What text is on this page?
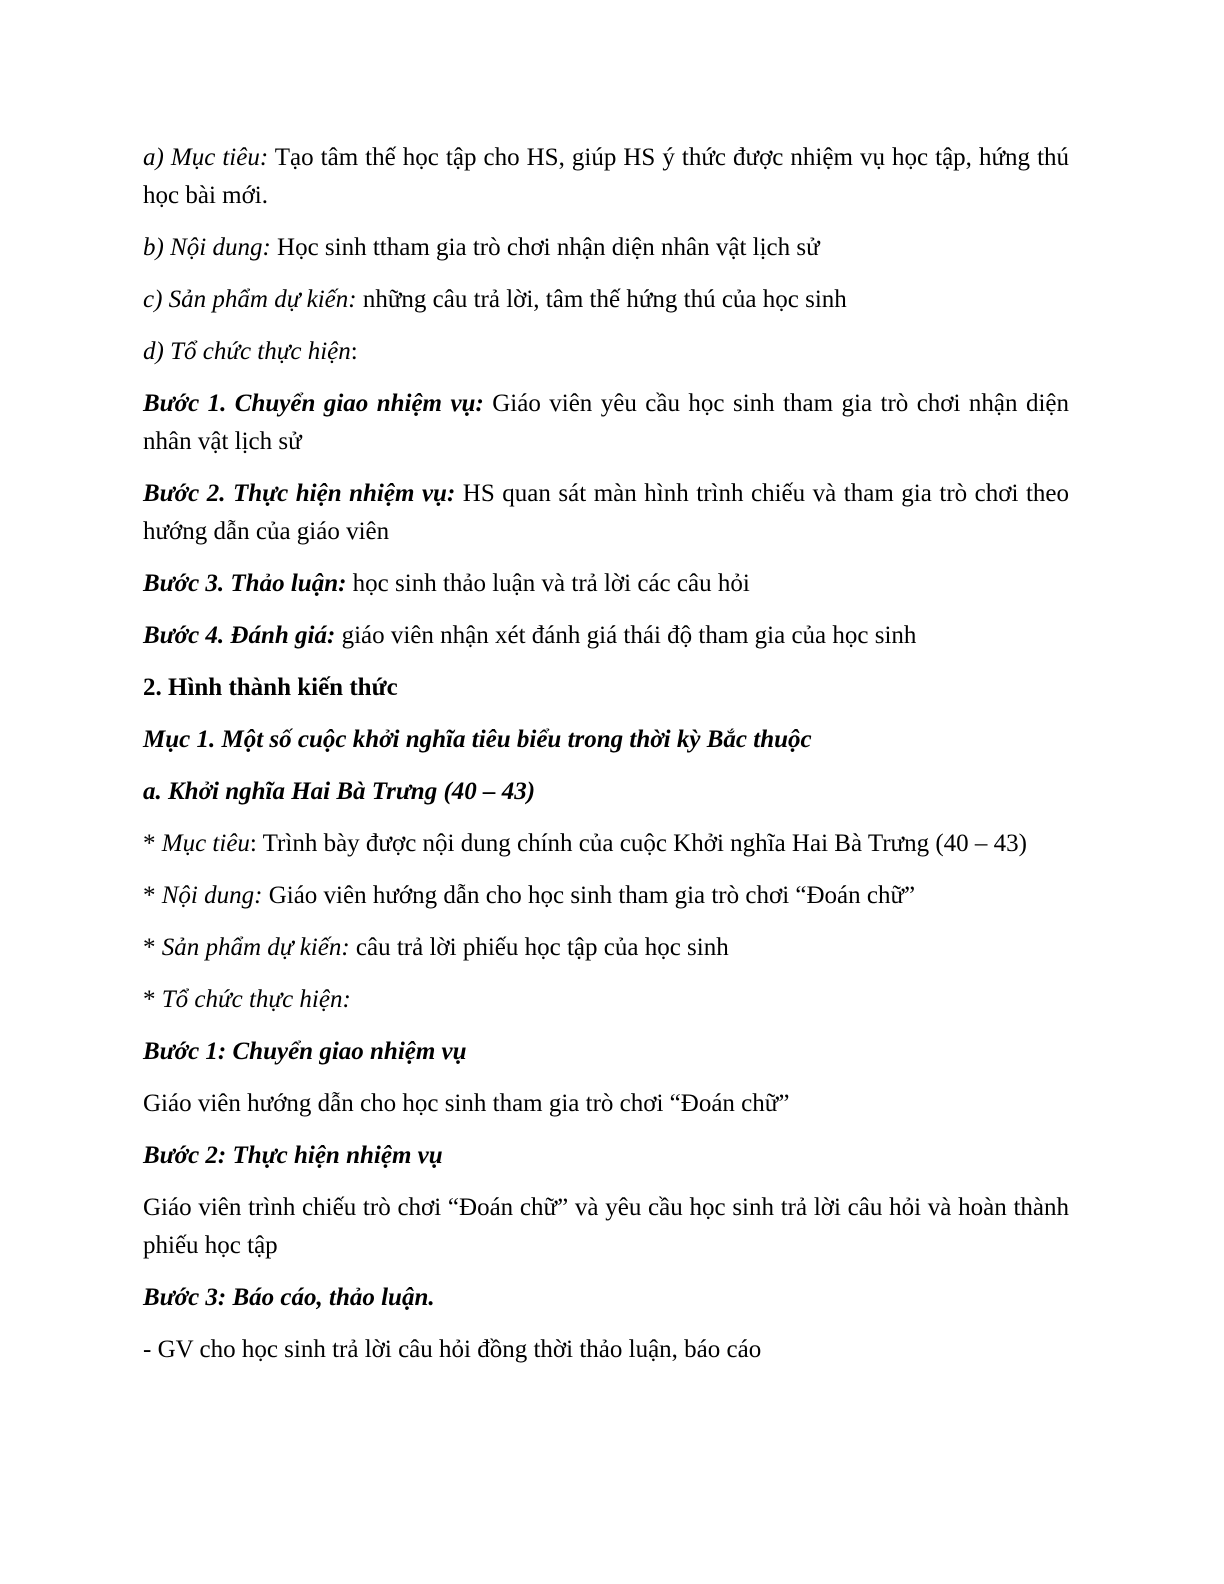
a) Mục tiêu: Tạo tâm thế học tập cho HS, giúp HS ý thức được nhiệm vụ học tập, hứng thú học bài mới.

b) Nội dung: Học sinh ttham gia trò chơi nhận diện nhân vật lịch sử

c) Sản phẩm dự kiến: những câu trả lời, tâm thế hứng thú của học sinh

d) Tổ chức thực hiện:

Bước 1. Chuyển giao nhiệm vụ: Giáo viên yêu cầu học sinh tham gia trò chơi nhận diện nhân vật lịch sử

Bước 2. Thực hiện nhiệm vụ: HS quan sát màn hình trình chiếu và tham gia trò chơi theo hướng dẫn của giáo viên

Bước 3. Thảo luận: học sinh thảo luận và trả lời các câu hỏi

Bước 4. Đánh giá: giáo viên nhận xét đánh giá thái độ tham gia của học sinh

2. Hình thành kiến thức

Mục 1. Một số cuộc khởi nghĩa tiêu biểu trong thời kỳ Bắc thuộc

a. Khởi nghĩa Hai Bà Trưng (40 – 43)

* Mục tiêu: Trình bày được nội dung chính của cuộc Khởi nghĩa Hai Bà Trưng (40 – 43)

* Nội dung: Giáo viên hướng dẫn cho học sinh tham gia trò chơi “Đoán chữ”

* Sản phẩm dự kiến: câu trả lời phiếu học tập của học sinh

* Tổ chức thực hiện:

Bước 1: Chuyển giao nhiệm vụ

Giáo viên hướng dẫn cho học sinh tham gia trò chơi “Đoán chữ”

Bước 2: Thực hiện nhiệm vụ

Giáo viên trình chiếu trò chơi “Đoán chữ” và yêu cầu học sinh trả lời câu hỏi và hoàn thành phiếu học tập

Bước 3: Báo cáo, thảo luận.

- GV cho học sinh trả lời câu hỏi đồng thời thảo luận, báo cáo
